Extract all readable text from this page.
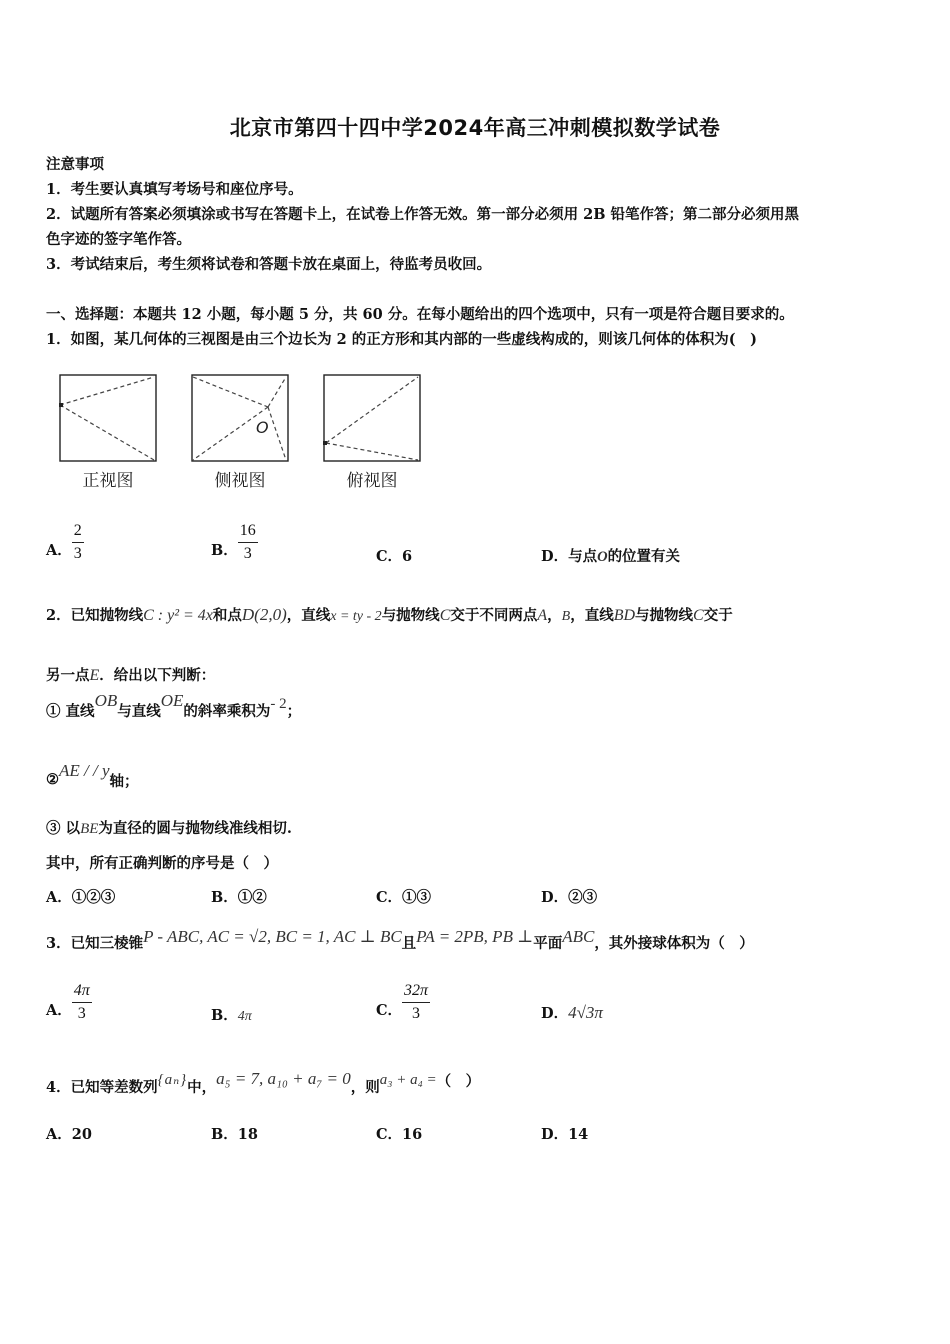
北京市第四十四中学2024年高三冲刺模拟数学试卷
注意事项
1．考生要认真填写考场号和座位序号。
2．试题所有答案必须填涂或书写在答题卡上，在试卷上作答无效。第一部分必须用 2B 铅笔作答；第二部分必须用黑
色字迹的签字笔作答。
3．考试结束后，考生须将试卷和答题卡放在桌面上，待监考员收回。
一、选择题：本题共 12 小题，每小题 5 分，共 60 分。在每小题给出的四个选项中，只有一项是符合题目要求的。
1．如图，某几何体的三视图是由三个边长为 2 的正方形和其内部的一些虚线构成的，则该几何体的体积为(　)
O
正视图	侧视图	俯视图
A． $\frac{2}{3}$	B． $\frac{16}{3}$	C．6	D．与点O的位置有关
2．已知抛物线C : y² = 4x和点D(2,0)，直线x = ty - 2与抛物线C交于不同两点A，B，直线BD与抛物线C交于
另一点E．给出以下判断：
① 直线OB与直线OE的斜率乘积为- 2；
②AE / / y轴；
③ 以BE为直径的圆与抛物线准线相切.
其中，所有正确判断的序号是（　）
A．①②③	B．①②	C．①③	D．②③
3．已知三棱锥P - ABC, AC = √2, BC = 1, AC ⊥ BC且PA = 2PB, PB ⊥平面ABC，其外接球体积为（　）
A． $\frac{4\pi}{3}$	B．4π	C． $\frac{32\pi}{3}$	D．4√3π
4．已知等差数列{aₙ}中，a₅ = 7, a₁₀ + a₇ = 0，则a₃ + a₄ =（　）
A．20	B．18	C．16	D．14
